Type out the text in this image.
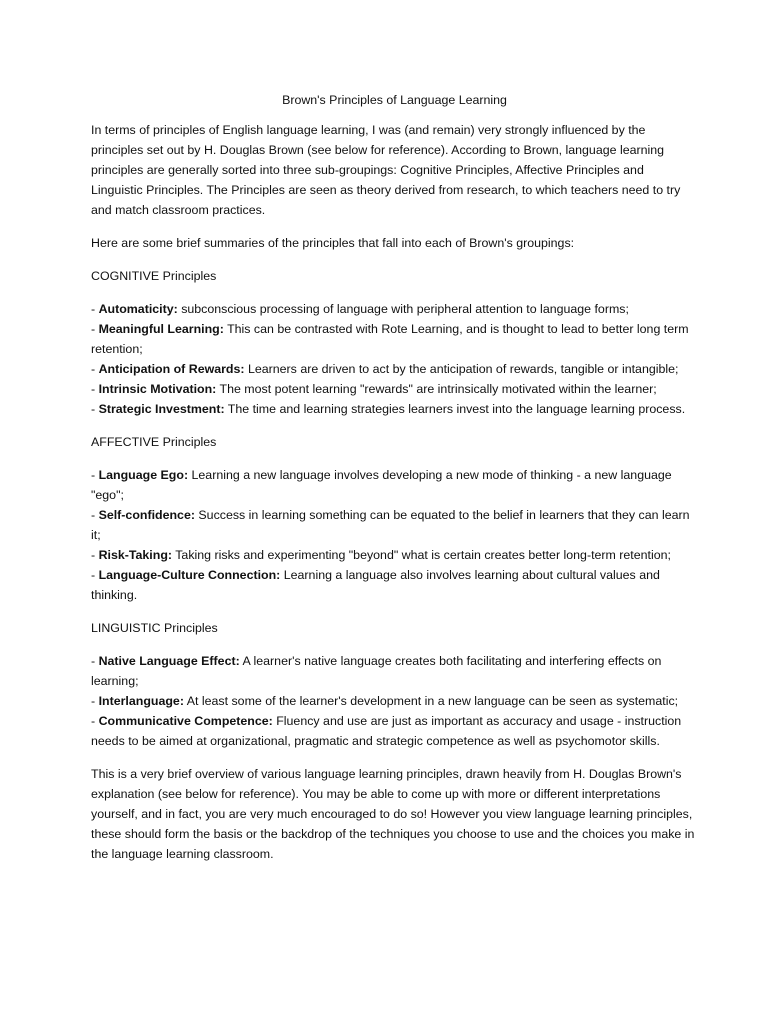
Brown's Principles of Language Learning

In terms of principles of English language learning, I was (and remain) very strongly influenced by the principles set out by H. Douglas Brown (see below for reference). According to Brown, language learning principles are generally sorted into three sub-groupings: Cognitive Principles, Affective Principles and Linguistic Principles. The Principles are seen as theory derived from research, to which teachers need to try and match classroom practices.

Here are some brief summaries of the principles that fall into each of Brown's groupings:

COGNITIVE Principles
- Automaticity: subconscious processing of language with peripheral attention to language forms;
- Meaningful Learning: This can be contrasted with Rote Learning, and is thought to lead to better long term retention;
- Anticipation of Rewards: Learners are driven to act by the anticipation of rewards, tangible or intangible;
- Intrinsic Motivation: The most potent learning "rewards" are intrinsically motivated within the learner;
- Strategic Investment: The time and learning strategies learners invest into the language learning process.
AFFECTIVE Principles
- Language Ego: Learning a new language involves developing a new mode of thinking - a new language "ego";
- Self-confidence: Success in learning something can be equated to the belief in learners that they can learn it;
- Risk-Taking: Taking risks and experimenting "beyond" what is certain creates better long-term retention;
- Language-Culture Connection: Learning a language also involves learning about cultural values and thinking.
LINGUISTIC Principles
- Native Language Effect: A learner's native language creates both facilitating and interfering effects on learning;
- Interlanguage: At least some of the learner's development in a new language can be seen as systematic;
- Communicative Competence: Fluency and use are just as important as accuracy and usage - instruction needs to be aimed at organizational, pragmatic and strategic competence as well as psychomotor skills.

This is a very brief overview of various language learning principles, drawn heavily from H. Douglas Brown's explanation (see below for reference). You may be able to come up with more or different interpretations yourself, and in fact, you are very much encouraged to do so! However you view language learning principles, these should form the basis or the backdrop of the techniques you choose to use and the choices you make in the language learning classroom.
